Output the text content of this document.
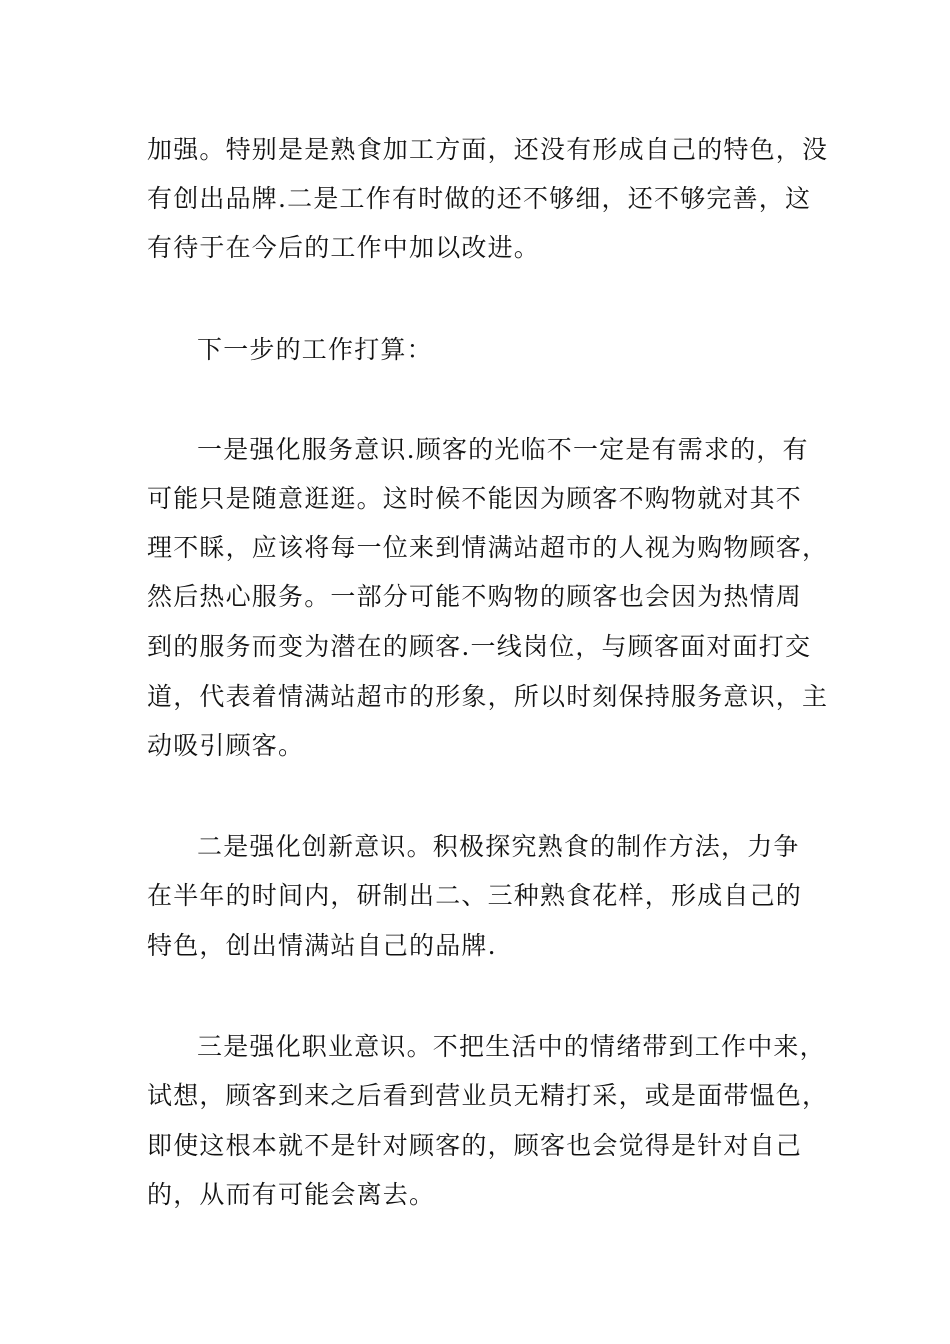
加强。特别是是熟食加工方面，还没有形成自己的特色，没
有创出品牌.二是工作有时做的还不够细，还不够完善，这
有待于在今后的工作中加以改进。
下一步的工作打算：
一是强化服务意识.顾客的光临不一定是有需求的，有
可能只是随意逛逛。这时候不能因为顾客不购物就对其不
理不睬，应该将每一位来到情满站超市的人视为购物顾客，
然后热心服务。一部分可能不购物的顾客也会因为热情周
到的服务而变为潜在的顾客.一线岗位，与顾客面对面打交
道，代表着情满站超市的形象，所以时刻保持服务意识，主
动吸引顾客。
二是强化创新意识。积极探究熟食的制作方法，力争
在半年的时间内，研制出二、三种熟食花样，形成自己的
特色，创出情满站自己的品牌.
三是强化职业意识。不把生活中的情绪带到工作中来，
试想，顾客到来之后看到营业员无精打采，或是面带愠色，
即使这根本就不是针对顾客的，顾客也会觉得是针对自己
的，从而有可能会离去。
